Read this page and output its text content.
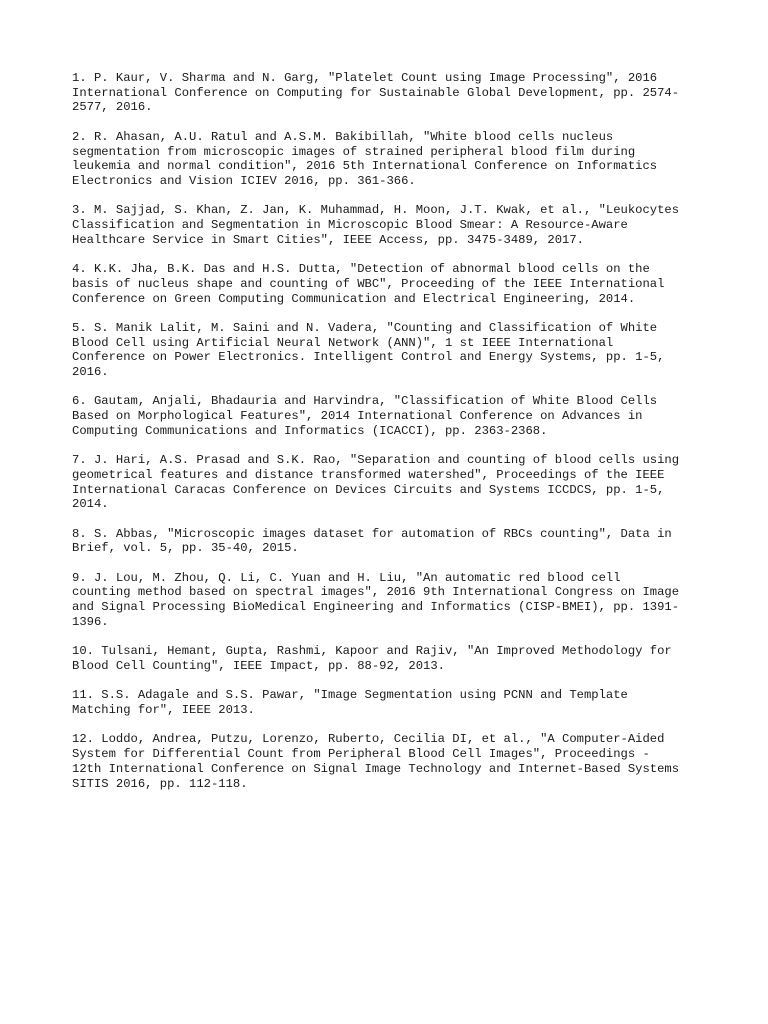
1. P. Kaur, V. Sharma and N. Garg, "Platelet Count using Image Processing", 2016
International Conference on Computing for Sustainable Global Development, pp. 2574-
2577, 2016.
2. R. Ahasan, A.U. Ratul and A.S.M. Bakibillah, "White blood cells nucleus
segmentation from microscopic images of strained peripheral blood film during
leukemia and normal condition", 2016 5th International Conference on Informatics
Electronics and Vision ICIEV 2016, pp. 361-366.
3. M. Sajjad, S. Khan, Z. Jan, K. Muhammad, H. Moon, J.T. Kwak, et al., "Leukocytes
Classification and Segmentation in Microscopic Blood Smear: A Resource-Aware
Healthcare Service in Smart Cities", IEEE Access, pp. 3475-3489, 2017.
4. K.K. Jha, B.K. Das and H.S. Dutta, "Detection of abnormal blood cells on the
basis of nucleus shape and counting of WBC", Proceeding of the IEEE International
Conference on Green Computing Communication and Electrical Engineering, 2014.
5. S. Manik Lalit, M. Saini and N. Vadera, "Counting and Classification of White
Blood Cell using Artificial Neural Network (ANN)", 1 st IEEE International
Conference on Power Electronics. Intelligent Control and Energy Systems, pp. 1-5,
2016.
6. Gautam, Anjali, Bhadauria and Harvindra, "Classification of White Blood Cells
Based on Morphological Features", 2014 International Conference on Advances in
Computing Communications and Informatics (ICACCI), pp. 2363-2368.
7. J. Hari, A.S. Prasad and S.K. Rao, "Separation and counting of blood cells using
geometrical features and distance transformed watershed", Proceedings of the IEEE
International Caracas Conference on Devices Circuits and Systems ICCDCS, pp. 1-5,
2014.
8. S. Abbas, "Microscopic images dataset for automation of RBCs counting", Data in
Brief, vol. 5, pp. 35-40, 2015.
9. J. Lou, M. Zhou, Q. Li, C. Yuan and H. Liu, "An automatic red blood cell
counting method based on spectral images", 2016 9th International Congress on Image
and Signal Processing BioMedical Engineering and Informatics (CISP-BMEI), pp. 1391-
1396.
10. Tulsani, Hemant, Gupta, Rashmi, Kapoor and Rajiv, "An Improved Methodology for
Blood Cell Counting", IEEE Impact, pp. 88-92, 2013.
11. S.S. Adagale and S.S. Pawar, "Image Segmentation using PCNN and Template
Matching for", IEEE 2013.
12. Loddo, Andrea, Putzu, Lorenzo, Ruberto, Cecilia DI, et al., "A Computer-Aided
System for Differential Count from Peripheral Blood Cell Images", Proceedings -
12th International Conference on Signal Image Technology and Internet-Based Systems
SITIS 2016, pp. 112-118.
